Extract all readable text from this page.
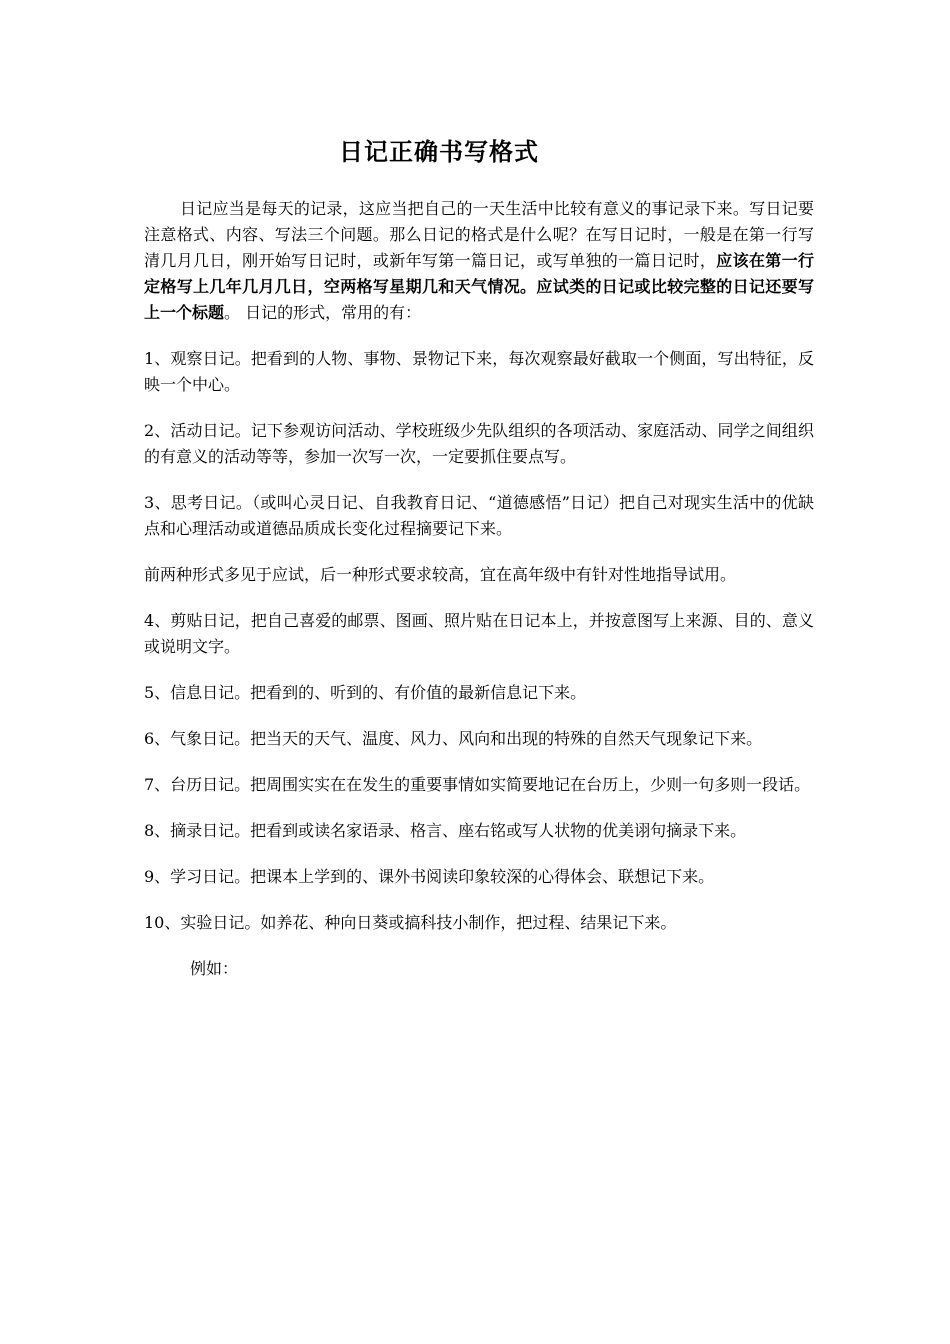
日记正确书写格式

日记应当是每天的记录，这应当把自己的一天生活中比较有意义的事记录下来。写日记要注意格式、内容、写法三个问题。那么日记的格式是什么呢？在写日记时，一般是在第一行写清几月几日，刚开始写日记时，或新年写第一篇日记，或写单独的一篇日记时，应该在第一行定格写上几年几月几日，空两格写星期几和天气情况。应试类的日记或比较完整的日记还要写上一个标题。 日记的形式，常用的有：

1、观察日记。把看到的人物、事物、景物记下来，每次观察最好截取一个侧面，写出特征，反映一个中心。

2、活动日记。记下参观访问活动、学校班级少先队组织的各项活动、家庭活动、同学之间组织的有意义的活动等等，参加一次写一次，一定要抓住要点写。

3、思考日记。（或叫心灵日记、自我教育日记、“道德感悟”日记）把自己对现实生活中的优缺点和心理活动或道德品质成长变化过程摘要记下来。

前两种形式多见于应试，后一种形式要求较高，宜在高年级中有针对性地指导试用。

4、剪贴日记，把自己喜爱的邮票、图画、照片贴在日记本上，并按意图写上来源、目的、意义或说明文字。

5、信息日记。把看到的、听到的、有价值的最新信息记下来。

6、气象日记。把当天的天气、温度、风力、风向和出现的特殊的自然天气现象记下来。

7、台历日记。把周围实实在在发生的重要事情如实简要地记在台历上，少则一句多则一段话。

8、摘录日记。把看到或读名家语录、格言、座右铭或写人状物的优美诩句摘录下来。

9、学习日记。把课本上学到的、课外书阅读印象较深的心得体会、联想记下来。

10、实验日记。如养花、种向日葵或搞科技小制作，把过程、结果记下来。

例如：
